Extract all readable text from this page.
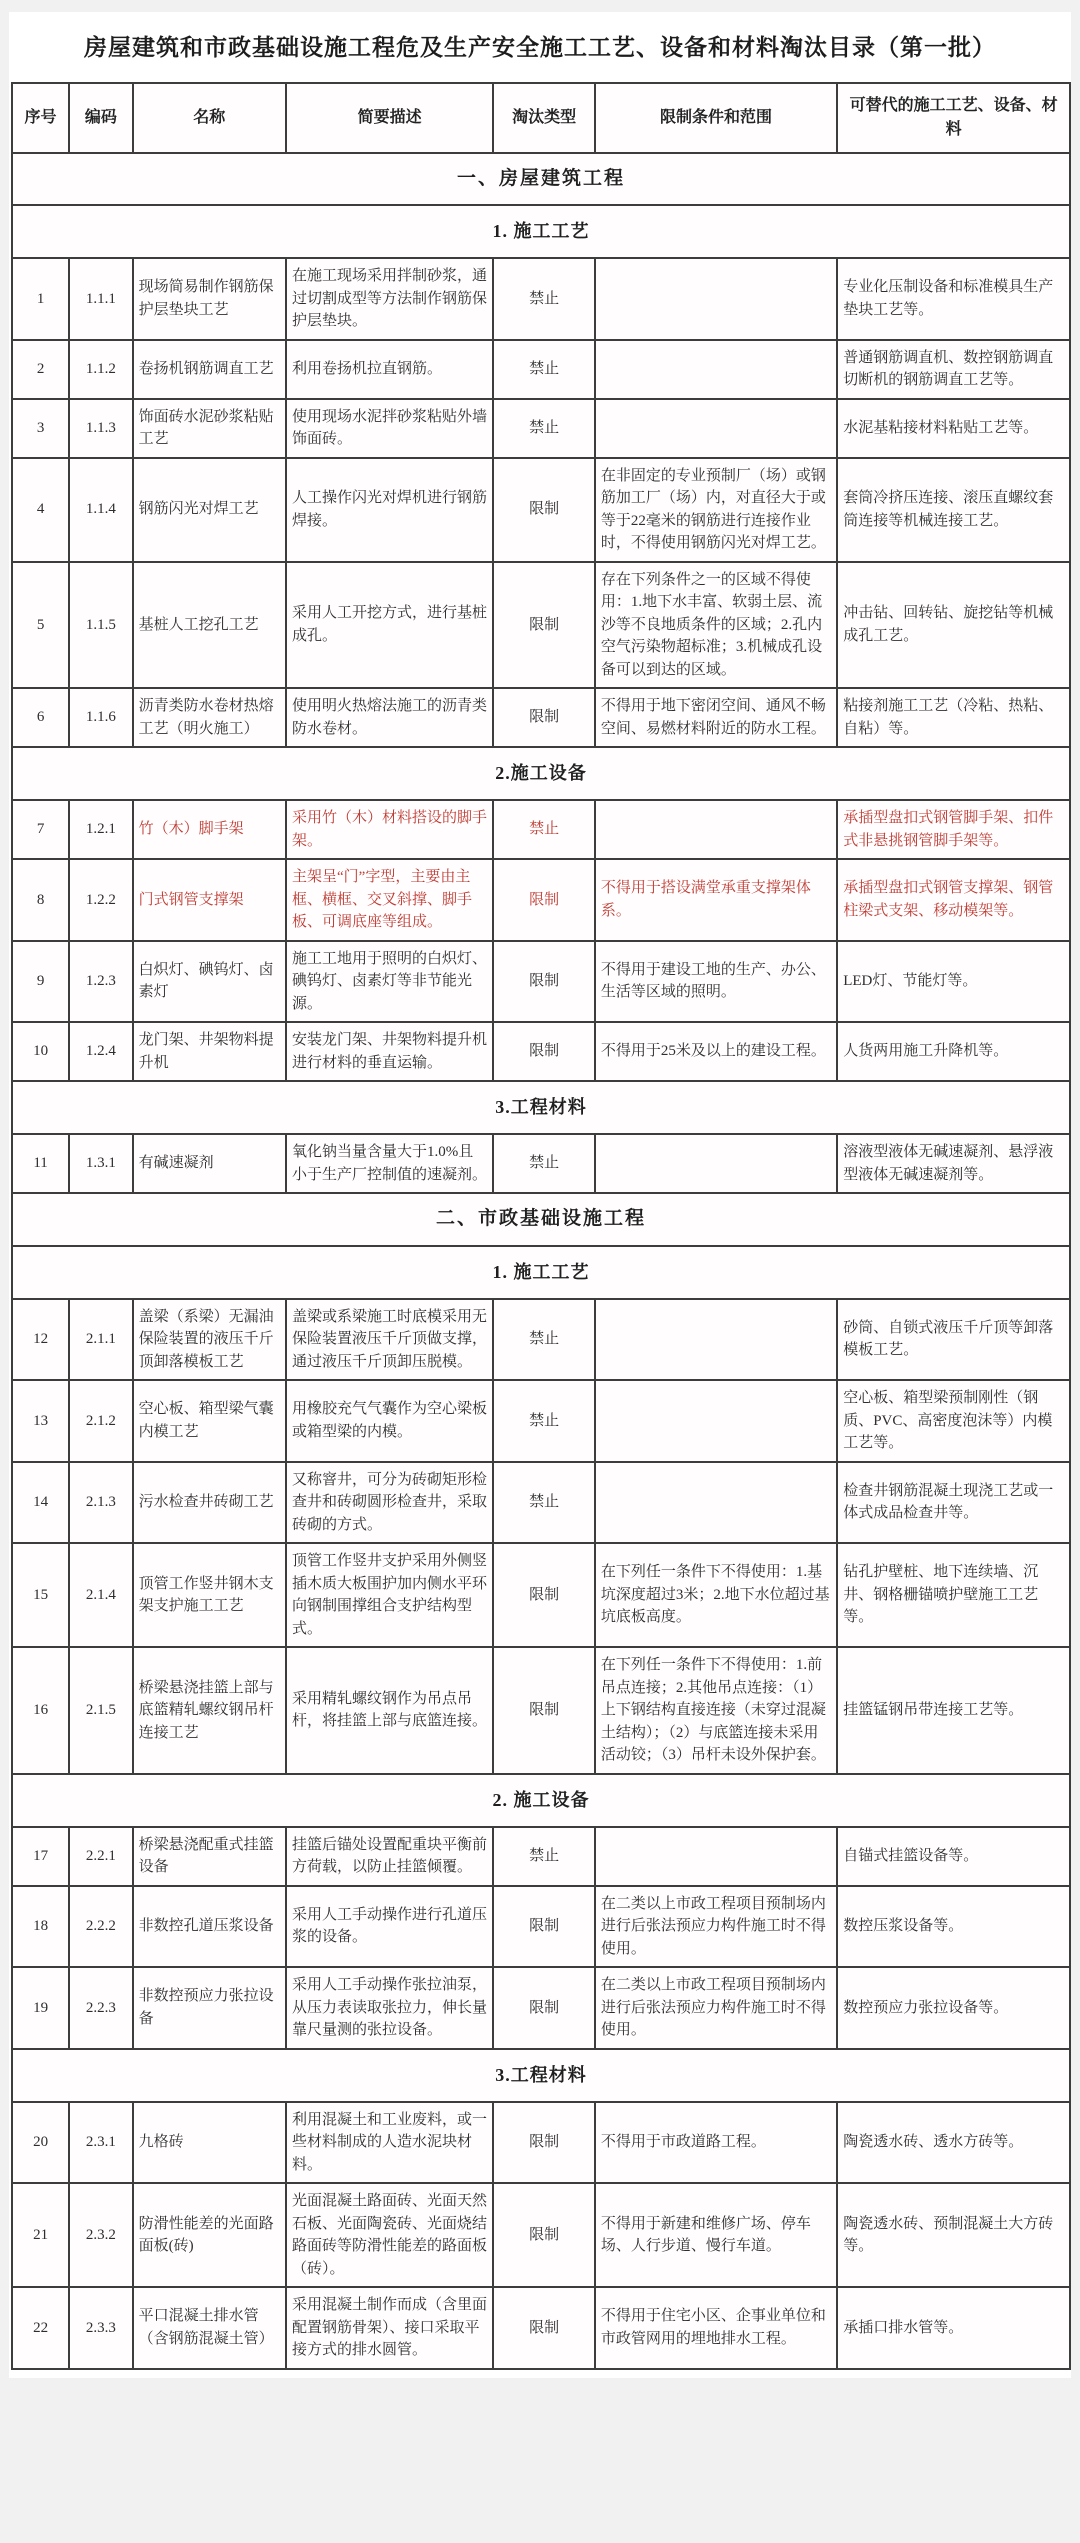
房屋建筑和市政基础设施工程危及生产安全施工工艺、设备和材料淘汰目录（第一批）
序号	编码	名称	简要描述	淘汰类型	限制条件和范围	可替代的施工工艺、设备、材料
一、房屋建筑工程						
1. 施工工艺						
1	1.1.1	现场简易制作钢筋保护层垫块工艺	在施工现场采用拌制砂浆，通过切割成型等方法制作钢筋保护层垫块。	禁止		专业化压制设备和标准模具生产垫块工艺等。
2	1.1.2	卷扬机钢筋调直工艺	利用卷扬机拉直钢筋。	禁止		普通钢筋调直机、数控钢筋调直切断机的钢筋调直工艺等。
3	1.1.3	饰面砖水泥砂浆粘贴工艺	使用现场水泥拌砂浆粘贴外墙饰面砖。	禁止		水泥基粘接材料粘贴工艺等。
4	1.1.4	钢筋闪光对焊工艺	人工操作闪光对焊机进行钢筋焊接。	限制	在非固定的专业预制厂（场）或钢筋加工厂（场）内，对直径大于或等于22毫米的钢筋进行连接作业时，不得使用钢筋闪光对焊工艺。	套筒冷挤压连接、滚压直螺纹套筒连接等机械连接工艺。
5	1.1.5	基桩人工挖孔工艺	采用人工开挖方式，进行基桩成孔。	限制	存在下列条件之一的区域不得使用：1.地下水丰富、软弱土层、流沙等不良地质条件的区域；2.孔内空气污染物超标准；3.机械成孔设备可以到达的区域。	冲击钻、回转钻、旋挖钻等机械成孔工艺。
6	1.1.6	沥青类防水卷材热熔工艺（明火施工）	使用明火热熔法施工的沥青类防水卷材。	限制	不得用于地下密闭空间、通风不畅空间、易燃材料附近的防水工程。	粘接剂施工工艺（冷粘、热粘、自粘）等。
2.施工设备						
7	1.2.1	竹（木）脚手架	采用竹（木）材料搭设的脚手架。	禁止		承插型盘扣式钢管脚手架、扣件式非悬挑钢管脚手架等。
8	1.2.2	门式钢管支撑架	主架呈“门”字型，主要由主框、横框、交叉斜撑、脚手板、可调底座等组成。	限制	不得用于搭设满堂承重支撑架体系。	承插型盘扣式钢管支撑架、钢管柱梁式支架、移动模架等。
9	1.2.3	白炽灯、碘钨灯、卤素灯	施工工地用于照明的白炽灯、碘钨灯、卤素灯等非节能光源。	限制	不得用于建设工地的生产、办公、生活等区域的照明。	LED灯、节能灯等。
10	1.2.4	龙门架、井架物料提升机	安装龙门架、井架物料提升机进行材料的垂直运输。	限制	不得用于25米及以上的建设工程。	人货两用施工升降机等。
3.工程材料						
11	1.3.1	有碱速凝剂	氧化钠当量含量大于1.0%且小于生产厂控制值的速凝剂。	禁止		溶液型液体无碱速凝剂、悬浮液型液体无碱速凝剂等。
二、市政基础设施工程						
1. 施工工艺						
12	2.1.1	盖梁（系梁）无漏油保险装置的液压千斤顶卸落模板工艺	盖梁或系梁施工时底模采用无保险装置液压千斤顶做支撑，通过液压千斤顶卸压脱模。	禁止		砂筒、自锁式液压千斤顶等卸落模板工艺。
13	2.1.2	空心板、箱型梁气囊内模工艺	用橡胶充气气囊作为空心梁板或箱型梁的内模。	禁止		空心板、箱型梁预制刚性（钢质、PVC、高密度泡沫等）内模工艺等。
14	2.1.3	污水检查井砖砌工艺	又称窨井，可分为砖砌矩形检查井和砖砌圆形检查井，采取砖砌的方式。	禁止		检查井钢筋混凝土现浇工艺或一体式成品检查井等。
15	2.1.4	顶管工作竖井钢木支架支护施工工艺	顶管工作竖井支护采用外侧竖插木质大板围护加内侧水平环向钢制围撑组合支护结构型式。	限制	在下列任一条件下不得使用：1.基坑深度超过3米；2.地下水位超过基坑底板高度。	钻孔护壁桩、地下连续墙、沉井、钢格栅锚喷护壁施工工艺等。
16	2.1.5	桥梁悬浇挂篮上部与底篮精轧螺纹钢吊杆连接工艺	采用精轧螺纹钢作为吊点吊杆，将挂篮上部与底篮连接。	限制	在下列任一条件下不得使用：1.前吊点连接；2.其他吊点连接：（1）上下钢结构直接连接（未穿过混凝土结构）；（2）与底篮连接未采用活动铰；（3）吊杆未设外保护套。	挂篮锰钢吊带连接工艺等。
2. 施工设备						
17	2.2.1	桥梁悬浇配重式挂篮设备	挂篮后锚处设置配重块平衡前方荷载，以防止挂篮倾覆。	禁止		自锚式挂篮设备等。
18	2.2.2	非数控孔道压浆设备	采用人工手动操作进行孔道压浆的设备。	限制	在二类以上市政工程项目预制场内进行后张法预应力构件施工时不得使用。	数控压浆设备等。
19	2.2.3	非数控预应力张拉设备	采用人工手动操作张拉油泵，从压力表读取张拉力，伸长量靠尺量测的张拉设备。	限制	在二类以上市政工程项目预制场内进行后张法预应力构件施工时不得使用。	数控预应力张拉设备等。
3.工程材料						
20	2.3.1	九格砖	利用混凝土和工业废料，或一些材料制成的人造水泥块材料。	限制	不得用于市政道路工程。	陶瓷透水砖、透水方砖等。
21	2.3.2	防滑性能差的光面路面板(砖)	光面混凝土路面砖、光面天然石板、光面陶瓷砖、光面烧结路面砖等防滑性能差的路面板（砖）。	限制	不得用于新建和维修广场、停车场、人行步道、慢行车道。	陶瓷透水砖、预制混凝土大方砖等。
22	2.3.3	平口混凝土排水管（含钢筋混凝土管）	采用混凝土制作而成（含里面配置钢筋骨架）、接口采取平接方式的排水圆管。	限制	不得用于住宅小区、企事业单位和市政管网用的埋地排水工程。	承插口排水管等。
